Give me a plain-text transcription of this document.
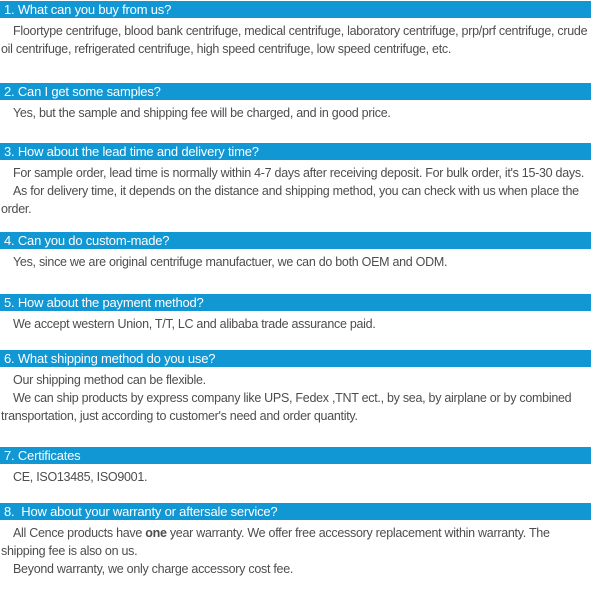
1. What can you buy from us?

Floortype centrifuge, blood bank centrifuge, medical centrifuge, laboratory centrifuge, prp/prf centrifuge, crude oil centrifuge, refrigerated centrifuge, high speed centrifuge, low speed centrifuge, etc.

2. Can I get some samples?

Yes, but the sample and shipping fee will be charged, and in good price.

3. How about the lead time and delivery time?

For sample order, lead time is normally within 4-7 days after receiving deposit. For bulk order, it's 15-30 days.

As for delivery time, it depends on the distance and shipping method, you can check with us when place the order.

4. Can you do custom-made?

Yes, since we are original centrifuge manufactuer, we can do both OEM and ODM.

5. How about the payment method?

We accept western Union, T/T, LC and alibaba trade assurance paid.

6. What shipping method do you use?

Our shipping method can be flexible.

We can ship products by express company like UPS, Fedex ,TNT ect., by sea, by airplane or by combined transportation, just according to customer's need and order quantity.

7. Certificates

CE, ISO13485, ISO9001.

8.  How about your warranty or aftersale service?

All Cence products have one year warranty. We offer free accessory replacement within warranty. The shipping fee is also on us.

Beyond warranty, we only charge accessory cost fee.
